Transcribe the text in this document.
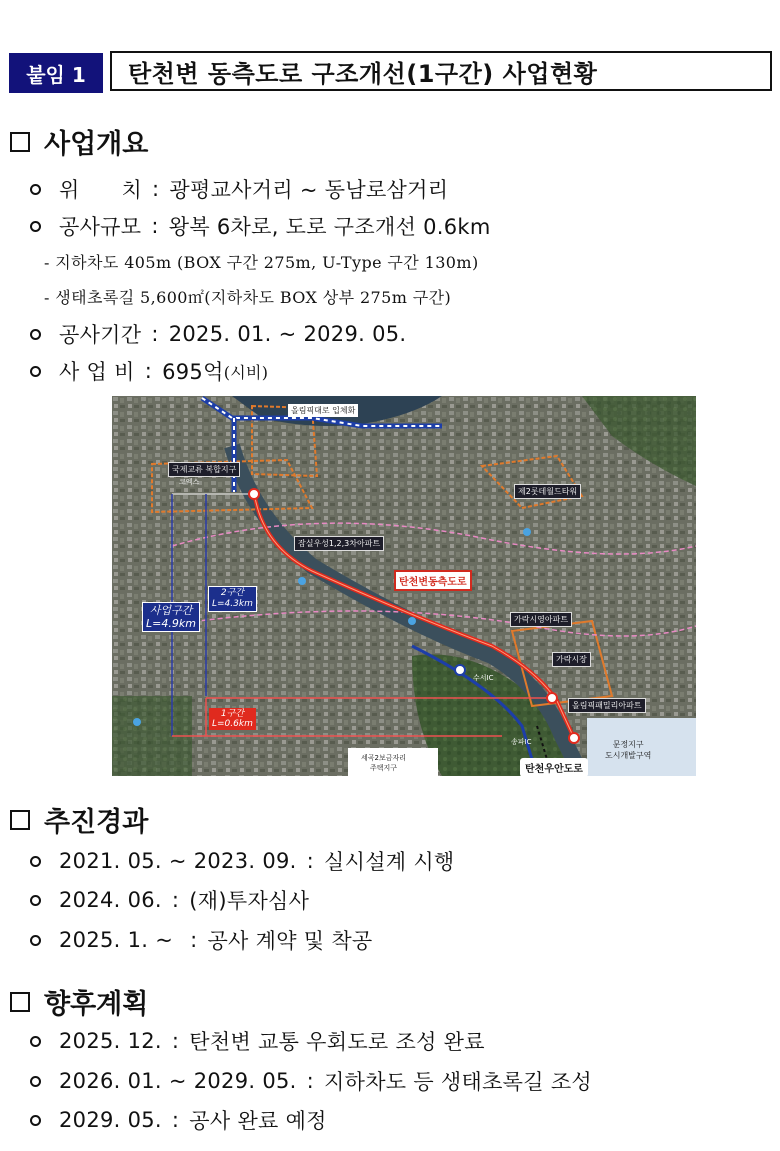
붙임 1	탄천변 동측도로 구조개선(1구간) 사업현황
사업개요
위      치 : 광평교사거리 ~ 동남로삼거리
공사규모 : 왕복 6차로, 도로 구조개선 0.6km
- 지하차도 405m (BOX 구간 275m, U-Type 구간 130m)
- 생태초록길 5,600㎡(지하차도 BOX 상부 275m 구간)
공사기간 : 2025. 01. ~ 2029. 05.
사 업 비 : 695억 (시비)
올림픽대로 입체화
국제교류 복합지구
코엑스
잠실우성1,2,3차아파트
탄천변동측도로
제2롯데월드타워
가락시영아파트
가락시장
올림픽패밀리아파트
문정지구
도시개발구역
세곡2보금자리
주택지구	탄천우안도로
2구간
L=4.3km
사업구간
L=4.9km
1구간
L=0.6km
수서IC
송파IC
추진경과
2021. 05. ~ 2023. 09. : 실시설계 시행
2024. 06. : (재)투자심사
2025. 1. ~ : 공사 계약 및 착공
향후계획
2025. 12. : 탄천변 교통 우회도로 조성 완료
2026. 01. ~ 2029. 05. : 지하차도 등 생태초록길 조성
2029. 05. : 공사 완료 예정
